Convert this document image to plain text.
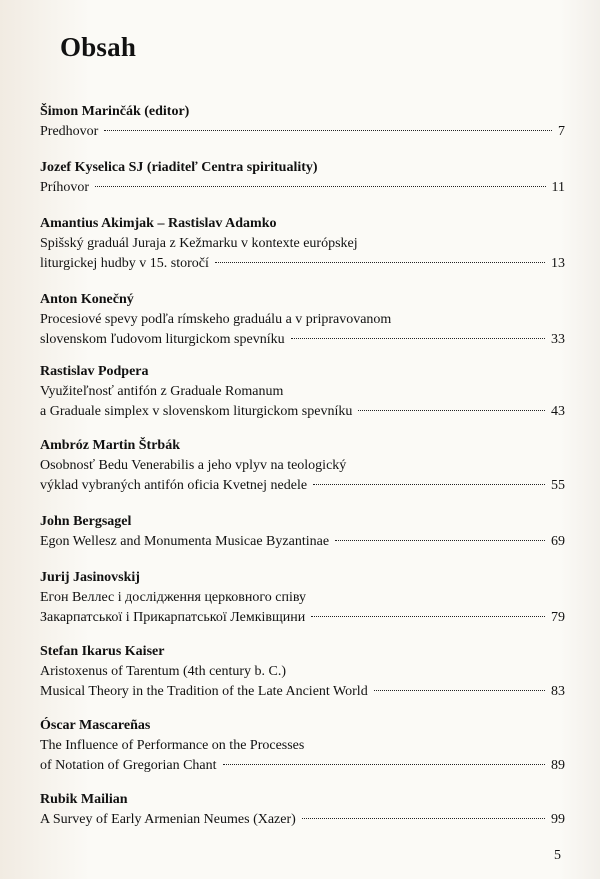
Obsah
Šimon Marinčák (editor)
Predhovor	7
Jozef Kyselica SJ (riaditeľ Centra spirituality)
Príhovor	11
Amantius Akimjak – Rastislav Adamko
Spišský graduál Juraja z Kežmarku v kontexte európskej
liturgickej hudby v 15. storočí	13
Anton Konečný
Procesiové spevy podľa rímskeho graduálu a v pripravovanom
slovenskom ľudovom liturgickom spevníku	33
Rastislav Podpera
Využiteľnosť antifón z Graduale Romanum
a Graduale simplex v slovenskom liturgickom spevníku	43
Ambróz Martin Štrbák
Osobnosť Bedu Venerabilis a jeho vplyv na teologický
výklad vybraných antifón oficia Kvetnej nedele	55
John Bergsagel
Egon Wellesz and Monumenta Musicae Byzantinae	69
Jurij Jasinovskij
Егон Веллес і дослідження церковного співу
Закарпатської і Прикарпатської Лемківщини	79
Stefan Ikarus Kaiser
Aristoxenus of Tarentum (4th century b. C.)
Musical Theory in the Tradition of the Late Ancient World	83
Óscar Mascareñas
The Influence of Performance on the Processes
of Notation of Gregorian Chant	89
Rubik Mailian
A Survey of Early Armenian Neumes (Xazer)	99
5
